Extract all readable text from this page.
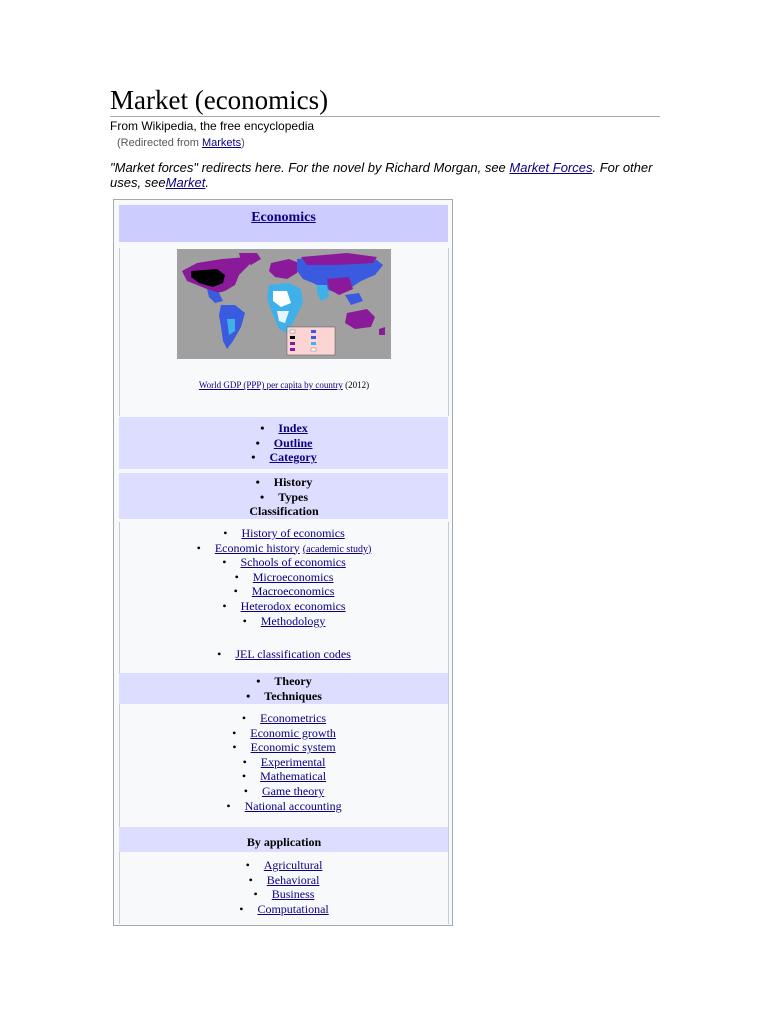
Market (economics)
From Wikipedia, the free encyclopedia
(Redirected from Markets)
"Market forces" redirects here. For the novel by Richard Morgan, see Market Forces. For other uses, seeMarket.
Economics
World GDP (PPP) per capita by country (2012)
• Index
• Outline
• Category
• History
• Types
Classification
• History of economics
• Economic history (academic study)
• Schools of economics
• Microeconomics
• Macroeconomics
• Heterodox economics
• Methodology
• JEL classification codes
• Theory
• Techniques
• Econometrics
• Economic growth
• Economic system
• Experimental
• Mathematical
• Game theory
• National accounting
By application
• Agricultural
• Behavioral
• Business
• Computational
